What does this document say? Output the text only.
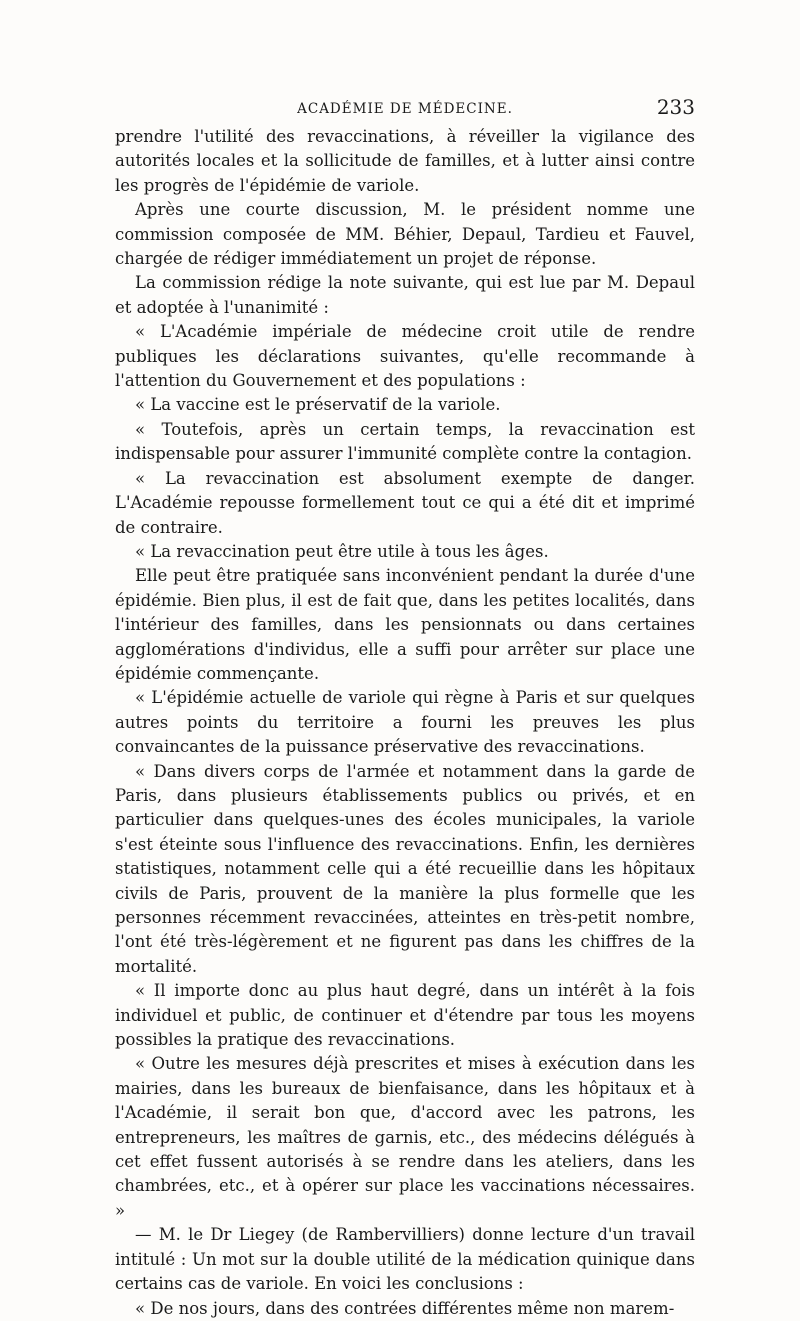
ACADÉMIE DE MÉDECINE.	233

prendre l'utilité des revaccinations, à réveiller la vigilance des autorités locales et la sollicitude de familles, et à lutter ainsi contre les progrès de l'épidémie de variole.

Après une courte discussion, M. le président nomme une commission composée de MM. Béhier, Depaul, Tardieu et Fauvel, chargée de rédiger immédiatement un projet de réponse.

La commission rédige la note suivante, qui est lue par M. Depaul et adoptée à l'unanimité :

« L'Académie impériale de médecine croit utile de rendre publiques les déclarations suivantes, qu'elle recommande à l'attention du Gouvernement et des populations :

« La vaccine est le préservatif de la variole.

« Toutefois, après un certain temps, la revaccination est indispensable pour assurer l'immunité complète contre la contagion.

« La revaccination est absolument exempte de danger. L'Académie repousse formellement tout ce qui a été dit et imprimé de contraire.

« La revaccination peut être utile à tous les âges.

Elle peut être pratiquée sans inconvénient pendant la durée d'une épidémie. Bien plus, il est de fait que, dans les petites localités, dans l'intérieur des familles, dans les pensionnats ou dans certaines agglomérations d'individus, elle a suffi pour arrêter sur place une épidémie commençante.

« L'épidémie actuelle de variole qui règne à Paris et sur quelques autres points du territoire a fourni les preuves les plus convaincantes de la puissance préservative des revaccinations.

« Dans divers corps de l'armée et notamment dans la garde de Paris, dans plusieurs établissements publics ou privés, et en particulier dans quelques-unes des écoles municipales, la variole s'est éteinte sous l'influence des revaccinations. Enfin, les dernières statistiques, notamment celle qui a été recueillie dans les hôpitaux civils de Paris, prouvent de la manière la plus formelle que les personnes récemment revaccinées, atteintes en très-petit nombre, l'ont été très-légèrement et ne figurent pas dans les chiffres de la mortalité.

« Il importe donc au plus haut degré, dans un intérêt à la fois individuel et public, de continuer et d'étendre par tous les moyens possibles la pratique des revaccinations.

« Outre les mesures déjà prescrites et mises à exécution dans les mairies, dans les bureaux de bienfaisance, dans les hôpitaux et à l'Académie, il serait bon que, d'accord avec les patrons, les entrepreneurs, les maîtres de garnis, etc., des médecins délégués à cet effet fussent autorisés à se rendre dans les ateliers, dans les chambrées, etc., et à opérer sur place les vaccinations nécessaires. »

— M. le Dr Liegey (de Rambervilliers) donne lecture d'un travail intitulé : Un mot sur la double utilité de la médication quinique dans certains cas de variole. En voici les conclusions :

« De nos jours, dans des contrées différentes même non marem-
